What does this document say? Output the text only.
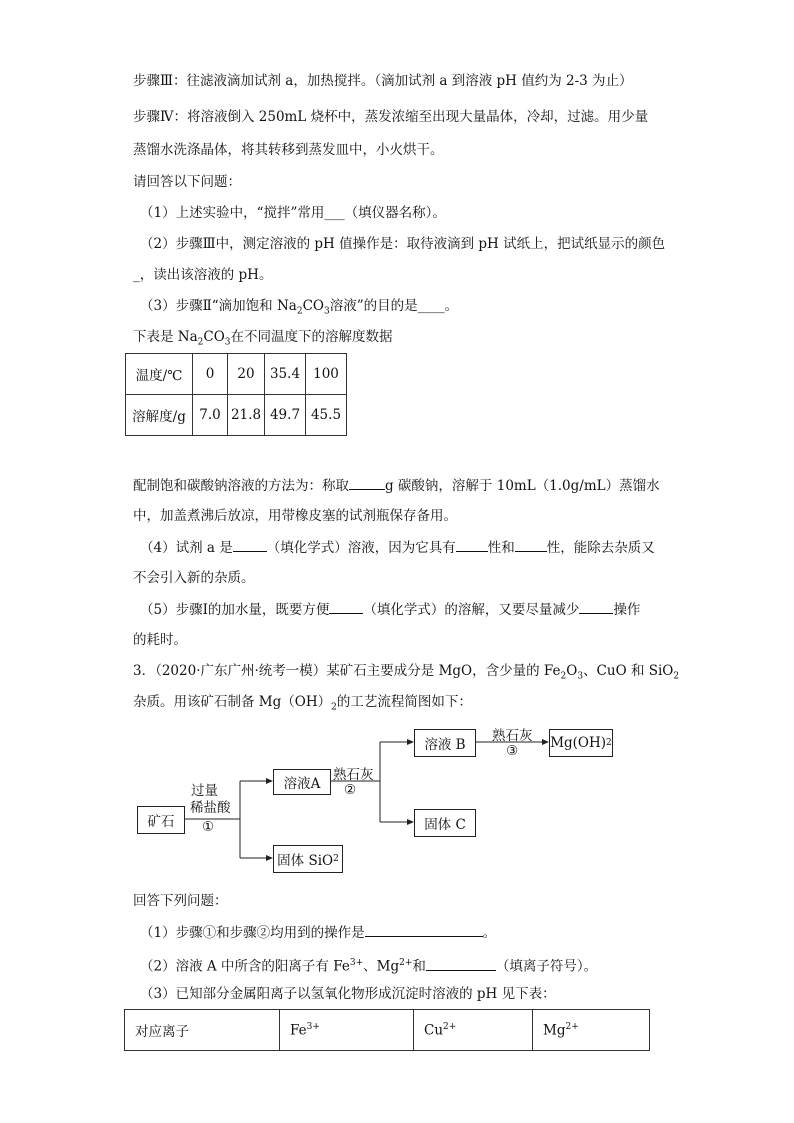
步骤Ⅲ：往滤液滴加试剂 a，加热搅拌。（滴加试剂 a 到溶液 pH 值约为 2-3 为止）
步骤Ⅳ：将溶液倒入 250mL 烧杯中，蒸发浓缩至出现大量晶体，冷却，过滤。用少量
蒸馏水洗涤晶体，将其转移到蒸发皿中，小火烘干。
请回答以下问题：
（1）上述实验中，“搅拌”常用___（填仪器名称）。
（2）步骤Ⅲ中，测定溶液的 pH 值操作是：取待液滴到 pH 试纸上，把试纸显示的颜色
_，读出该溶液的 pH。
（3）步骤Ⅱ“滴加饱和 $Na_2CO_3$溶液”的目的是____。
下表是 $Na_2CO_3$在不同温度下的溶解度数据
温度/℃	0	20	35.4	100
溶解度/g	7.0	21.8	49.7	45.5
配制饱和碳酸钠溶液的方法为：称取	g 碳酸钠，溶解于 10mL（1.0g/mL）蒸馏水
中，加盖煮沸后放凉，用带橡皮塞的试剂瓶保存备用。
（4）试剂 a 是	（填化学式）溶液，因为它具有 性和 性，能除去杂质又
不会引入新的杂质。
（5）步骤Ⅰ的加水量，既要方便	（填化学式）的溶解，又要尽量减少	操作
的耗时。
3．（2020·广东广州·统考一模）某矿石主要成分是 MgO，含少量的 $Fe_2O_3$、CuO 和 SiO$_2$
杂质。用该矿石制备 $Mg(OH)_2$的工艺流程简图如下：
矿石
过量
稀盐酸
①
溶液A
固体 SiO 2
熟石灰
②
溶液 B
固体 C
熟石灰
③ Mg(OH) 2
回答下列问题：
（1）步骤①和步骤②均用到的操作是	。
（2）溶液 A 中所含的阳离子有 $Fe^{3+}$、$Mg^{2+}$和	（填离子符号）。
（3）已知部分金属阳离子以氢氧化物形成沉淀时溶液的 pH 见下表：
对应离子	$Fe^{3+}$	$Cu^{2+}$	$Mg^{2+}$
